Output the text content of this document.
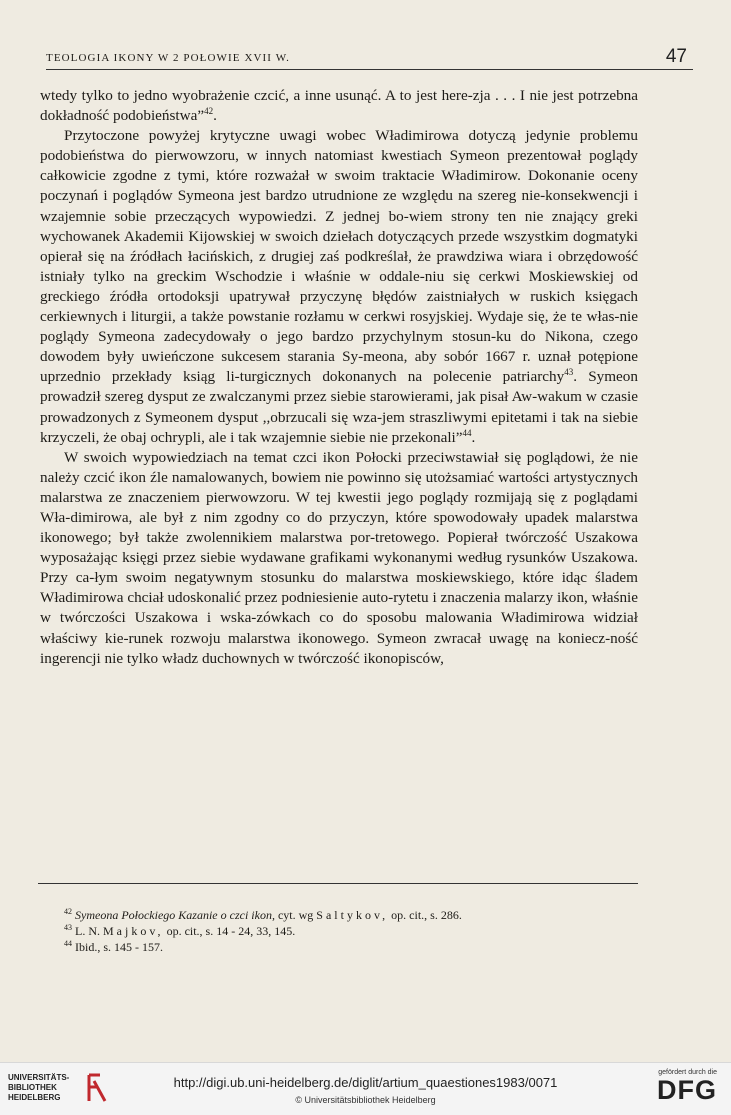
TEOLOGIA IKONY W 2 POŁOWIE XVII W.	47

wtedy tylko to jedno wyobrażenie czcić, a inne usunąć. A to jest here-zja . . . I nie jest potrzebna dokładność podobieństwa”$^{42}$.

Przytoczone powyżej krytyczne uwagi wobec Władimirowa dotyczą jedynie problemu podobieństwa do pierwowzoru, w innych natomiast kwestiach Symeon prezentował poglądy całkowicie zgodne z tymi, które rozważał w swoim traktacie Władimirow. Dokonanie oceny poczynań i poglądów Symeona jest bardzo utrudnione ze względu na szereg nie-konsekwencji i wzajemnie sobie przeczących wypowiedzi. Z jednej bo-wiem strony ten nie znający greki wychowanek Akademii Kijowskiej w swoich dziełach dotyczących przede wszystkim dogmatyki opierał się na źródłach łacińskich, z drugiej zaś podkreślał, że prawdziwa wiara i obrzędowość istniały tylko na greckim Wschodzie i właśnie w oddale-niu się cerkwi Moskiewskiej od greckiego źródła ortodoksji upatrywał przyczynę błędów zaistniałych w ruskich księgach cerkiewnych i liturgii, a także powstanie rozłamu w cerkwi rosyjskiej. Wydaje się, że te włas-nie poglądy Symeona zadecydowały o jego bardzo przychylnym stosun-ku do Nikona, czego dowodem były uwieńczone sukcesem starania Sy-meona, aby sobór 1667 r. uznał potępione uprzednio przekłady ksiąg li-turgicznych dokonanych na polecenie patriarchy$^{43}$. Symeon prowadził szereg dysput ze zwalczanymi przez siebie starowierami, jak pisał Aw-wakum w czasie prowadzonych z Symeonem dysput ,,obrzucali się wza-jem straszliwymi epitetami i tak na siebie krzyczeli, że obaj ochrypli, ale i tak wzajemnie siebie nie przekonali”$^{44}$.

W swoich wypowiedziach na temat czci ikon Połocki przeciwstawiał się poglądowi, że nie należy czcić ikon źle namalowanych, bowiem nie powinno się utożsamiać wartości artystycznych malarstwa ze znaczeniem pierwowzoru. W tej kwestii jego poglądy rozmijają się z poglądami Wła-dimirowa, ale był z nim zgodny co do przyczyn, które spowodowały upadek malarstwa ikonowego; był także zwolennikiem malarstwa por-tretowego. Popierał twórczość Uszakowa wyposażając księgi przez siebie wydawane grafikami wykonanymi według rysunków Uszakowa. Przy ca-łym swoim negatywnym stosunku do malarstwa moskiewskiego, które idąc śladem Władimirowa chciał udoskonalić przez podniesienie auto-rytetu i znaczenia malarzy ikon, właśnie w twórczości Uszakowa i wska-zówkach co do sposobu malowania Władimirowa widział właściwy kie-runek rozwoju malarstwa ikonowego. Symeon zwracał uwagę na koniecz-ność ingerencji nie tylko władz duchownych w twórczość ikonopisców,

$^{42}$ Symeona Połockiego Kazanie o czci ikon, cyt. wg Saltykov, op. cit., s. 286.
$^{43}$ L. N. Majkov, op. cit., s. 14 - 24, 33, 145.
$^{44}$ Ibid., s. 145 - 157.
UNIVERSITÄTS-
BIBLIOTHEK
HEIDELBERG
http://digi.ub.uni-heidelberg.de/diglit/artium_quaestiones1983/0071
© Universitätsbibliothek Heidelberg
gefördert durch die
DFG
